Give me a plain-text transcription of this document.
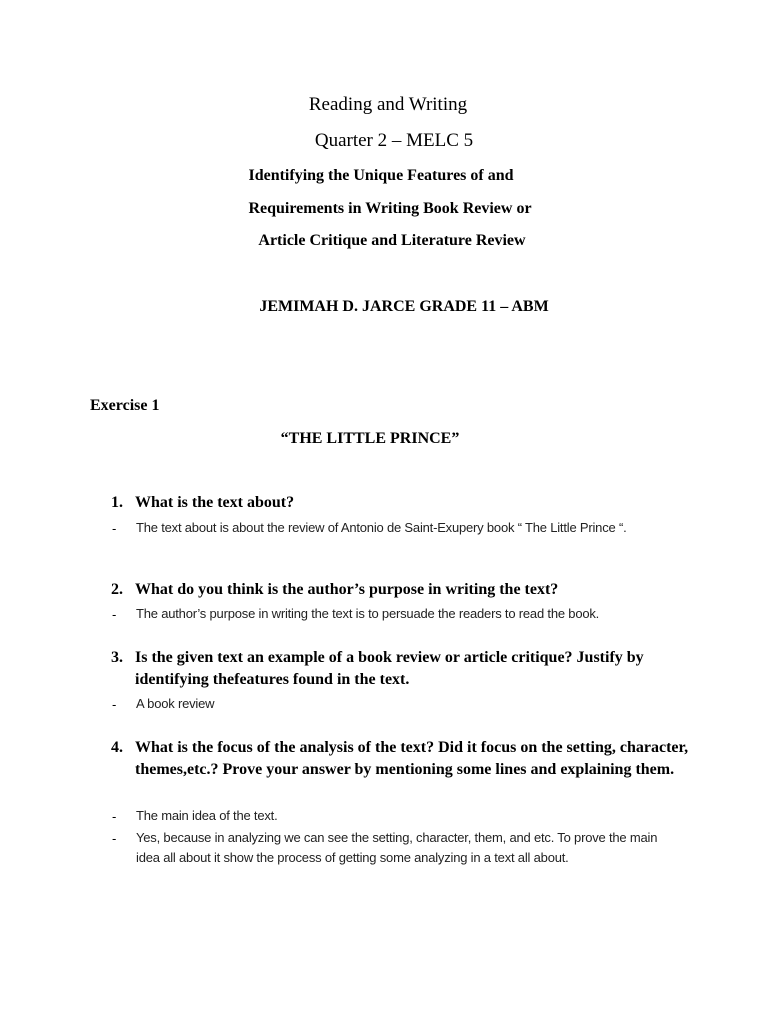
Reading and Writing
Quarter 2 – MELC 5
Identifying the Unique Features of and
Requirements in Writing Book Review or
Article Critique and Literature Review
JEMIMAH D. JARCE GRADE 11 – ABM
Exercise 1
“THE LITTLE PRINCE”
1. What is the text about?
- The text about is about the review of Antonio de Saint-Exupery book “ The Little Prince “.
2. What do you think is the author’s purpose in writing the text?
- The author’s purpose in writing the text is to persuade the readers to read the book.
3. Is the given text an example of a book review or article critique? Justify by identifying thefeatures found in the text.
- A book review
4. What is the focus of the analysis of the text? Did it focus on the setting, character, themes,etc.? Prove your answer by mentioning some lines and explaining them.
- The main idea of the text.
- Yes, because in analyzing we can see the setting, character, them, and etc. To prove the main idea all about it show the process of getting some analyzing in a text all about.
